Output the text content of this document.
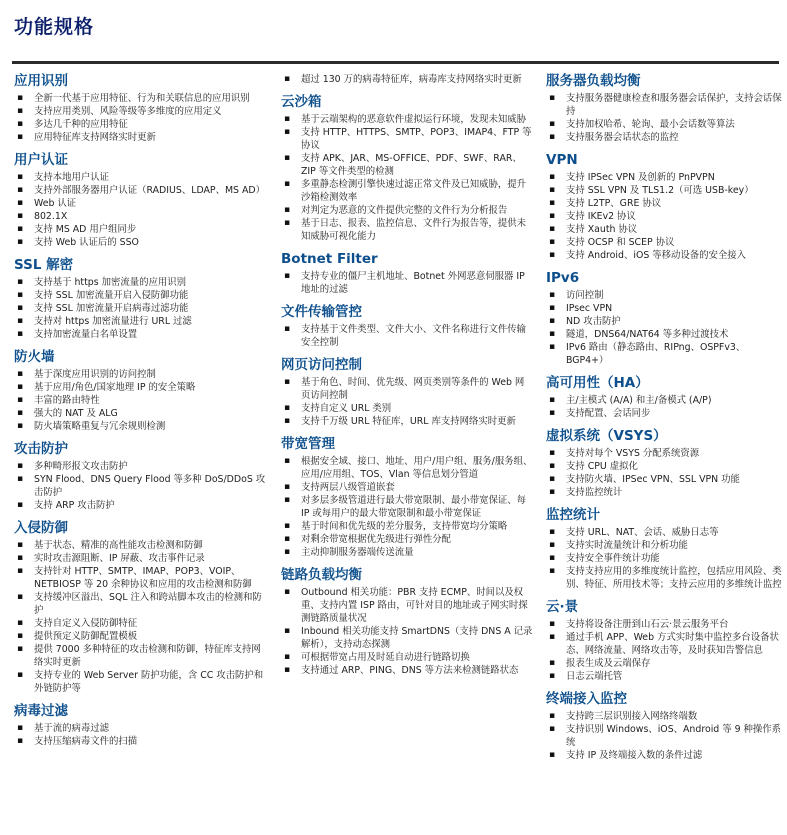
功能规格
应用识别
▪ 全新一代基于应用特征、行为和关联信息的应用识别
▪ 支持应用类别、风险等级等多维度的应用定义
▪ 多达几千种的应用特征
▪ 应用特征库支持网络实时更新
用户认证
▪ 支持本地用户认证
▪ 支持外部服务器用户认证（RADIUS、LDAP、MS AD）
▪ Web 认证
▪ 802.1X
▪ 支持 MS AD 用户组同步
▪ 支持 Web 认证后的 SSO
SSL 解密
▪ 支持基于 https 加密流量的应用识别
▪ 支持 SSL 加密流量开启入侵防御功能
▪ 支持 SSL 加密流量开启病毒过滤功能
▪ 支持对 https 加密流量进行 URL 过滤
▪ 支持加密流量白名单设置
防火墙
▪ 基于深度应用识别的访问控制
▪ 基于应用/角色/国家地理 IP 的安全策略
▪ 丰富的路由特性
▪ 强大的 NAT 及 ALG
▪ 防火墙策略重复与冗余规则检测
攻击防护
▪ 多种畸形报文攻击防护
▪ SYN Flood、DNS Query Flood 等多种 DoS/DDoS 攻击防护
▪ 支持 ARP 攻击防护
入侵防御
▪ 基于状态、精准的高性能攻击检测和防御
▪ 实时攻击源阻断、IP 屏蔽、攻击事件记录
▪ 支持针对 HTTP、SMTP、IMAP、POP3、VOIP、NETBIOSP 等 20 余种协议和应用的攻击检测和防御
▪ 支持缓冲区溢出、SQL 注入和跨站脚本攻击的检测和防护
▪ 支持自定义入侵防御特征
▪ 提供预定义防御配置模板
▪ 提供 7000 多种特征的攻击检测和防御，特征库支持网络实时更新
▪ 支持专业的 Web Server 防护功能，含 CC 攻击防护和外链防护等
病毒过滤
▪ 基于流的病毒过滤
▪ 支持压缩病毒文件的扫描
▪ 超过 130 万的病毒特征库，病毒库支持网络实时更新
云沙箱
▪ 基于云端架构的恶意软件虚拟运行环境，发现未知威胁
▪ 支持 HTTP、HTTPS、SMTP、POP3、IMAP4、FTP 等协议
▪ 支持 APK、JAR、MS-OFFICE、PDF、SWF、RAR、ZIP 等文件类型的检测
▪ 多重静态检测引擎快速过滤正常文件及已知威胁，提升沙箱检测效率
▪ 对判定为恶意的文件提供完整的文件行为分析报告
▪ 基于日志、报表、监控信息、文件行为报告等，提供未知威胁可视化能力
Botnet Filter
▪ 支持专业的僵尸主机地址、Botnet 外网恶意伺服器 IP 地址的过滤
文件传输管控
▪ 支持基于文件类型、文件大小、文件名称进行文件传输安全控制
网页访问控制
▪ 基于角色、时间、优先级、网页类别等条件的 Web 网页访问控制
▪ 支持自定义 URL 类别
▪ 支持千万级 URL 特征库，URL 库支持网络实时更新
带宽管理
▪ 根据安全域、接口、地址、用户/用户组、服务/服务组、应用/应用组、TOS、Vlan 等信息划分管道
▪ 支持两层八级管道嵌套
▪ 对多层多级管道进行最大带宽限制、最小带宽保证、每 IP 或每用户的最大带宽限制和最小带宽保证
▪ 基于时间和优先级的差分服务，支持带宽均分策略
▪ 对剩余带宽根据优先级进行弹性分配
▪ 主动抑制服务器端传送流量
链路负载均衡
▪ Outbound 相关功能：PBR 支持 ECMP、时间以及权重、支持内置 ISP 路由，可针对目的地址或子网实时探测链路质量状况
▪ Inbound 相关功能支持 SmartDNS（支持 DNS A 记录解析），支持动态探测
▪ 可根据带宽占用及时延自动进行链路切换
▪ 支持通过 ARP、PING、DNS 等方法来检测链路状态
服务器负载均衡
▪ 支持服务器健康检查和服务器会话保护，支持会话保持
▪ 支持加权哈希、轮询、最小会话数等算法
▪ 支持服务器会话状态的监控
VPN
▪ 支持 IPSec VPN 及创新的 PnPVPN
▪ 支持 SSL VPN 及 TLS1.2（可选 USB-key）
▪ 支持 L2TP、GRE 协议
▪ 支持 IKEv2 协议
▪ 支持 Xauth 协议
▪ 支持 OCSP 和 SCEP 协议
▪ 支持 Android、iOS 等移动设备的安全接入
IPv6
▪ 访问控制
▪ IPsec VPN
▪ ND 攻击防护
▪ 隧道，DNS64/NAT64 等多种过渡技术
▪ IPv6 路由（静态路由、RIPng、OSPFv3、BGP4+）
高可用性（HA）
▪ 主/主模式 (A/A) 和主/备模式 (A/P)
▪ 支持配置、会话同步
虚拟系统（VSYS）
▪ 支持对每个 VSYS 分配系统资源
▪ 支持 CPU 虚拟化
▪ 支持防火墙、IPSec VPN、SSL VPN 功能
▪ 支持监控统计
监控统计
▪ 支持 URL、NAT、会话、威胁日志等
▪ 支持实时流量统计和分析功能
▪ 支持安全事件统计功能
▪ 支持支持应用的多维度统计监控，包括应用风险、类别、特征、所用技术等；支持云应用的多维统计监控
云·景
▪ 支持将设备注册到山石云·景云服务平台
▪ 通过手机 APP、Web 方式实时集中监控多台设备状态、网络流量、网络攻击等，及时获知告警信息
▪ 报表生成及云端保存
▪ 日志云端托管
终端接入监控
▪ 支持跨三层识别接入网络终端数
▪ 支持识别 Windows、iOS、Android 等 9 种操作系统
▪ 支持 IP 及终端接入数的条件过滤
